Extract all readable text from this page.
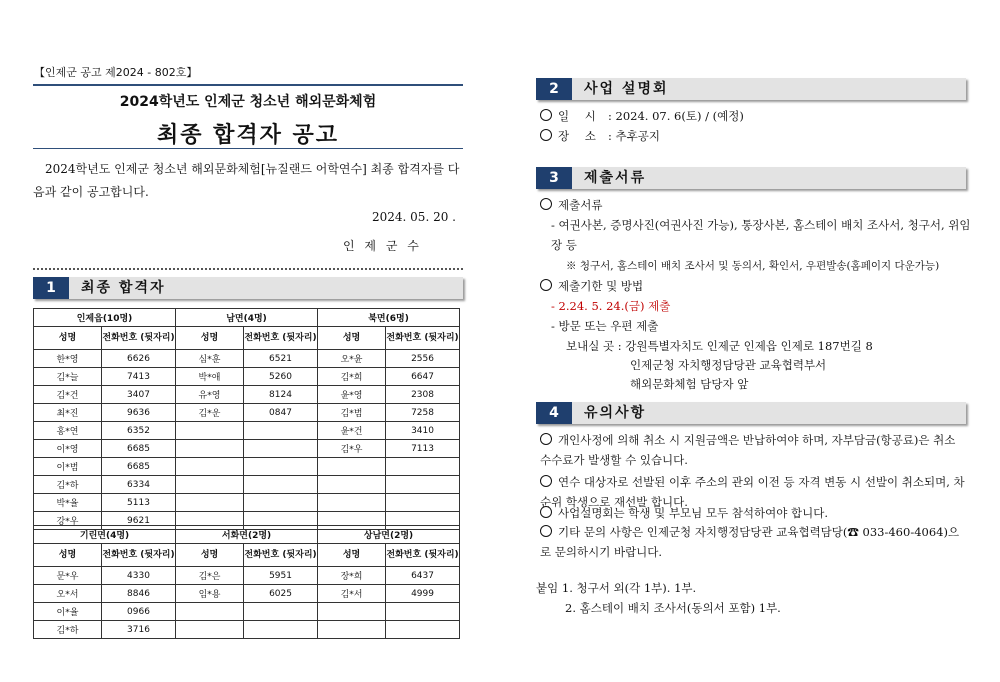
【인제군 공고 제2024 - 802호】
2024학년도 인제군 청소년 해외문화체험
최종 합격자 공고
2024학년도 인제군 청소년 해외문화체험[뉴질랜드 어학연수] 최종 합격자를 다음과 같이 공고합니다.
2024. 05. 20 .
인 제 군 수
1	최종 합격자
인제읍(10명)		남면(4명)		북면(6명)	
성명	전화번호 (뒷자리)	성명	전화번호 (뒷자리)	성명	전화번호 (뒷자리)
한*영	6626	심*훈	6521	오*윤	2556
김*늘	7413	박*애	5260	김*희	6647
김*건	3407	유*영	8124	윤*영	2308
최*진	9636	김*운	0847	김*범	7258
홍*연	6352			윤*건	3410
이*영	6685			김*우	7113
이*범	6685				
김*하	6334				
박*율	5113				
강*우	9621				
기린면(4명)		서화면(2명)		상남면(2명)	
성명	전화번호 (뒷자리)	성명	전화번호 (뒷자리)	성명	전화번호 (뒷자리)
문*우	4330	김*은	5951	장*희	6437
오*서	8846	임*용	6025	김*서	4999
이*율	0966				
김*하	3716				
2	사업 설명회
일 시 : 2024. 07. 6(토) / (예정)
장 소 : 추후공지
3	제출서류
제출서류
- 여권사본, 증명사진(여권사진 가능), 통장사본, 홈스테이 배치 조사서, 청구서, 위임장 등
※ 청구서, 홈스테이 배치 조사서 및 동의서, 확인서, 우편발송(홈페이지 다운가능)
제출기한 및 방법
- 2.24. 5. 24.(금) 제출
- 방문 또는 우편 제출
보내실 곳 : 강원특별자치도 인제군 인제읍 인제로 187번길 8
인제군청 자치행정담당관 교육협력부서
해외문화체험 담당자 앞
4	유의사항
개인사정에 의해 취소 시 지원금액은 반납하여야 하며, 자부담금(항공료)은 취소 수수료가 발생할 수 있습니다.
연수 대상자로 선발된 이후 주소의 관외 이전 등 자격 변동 시 선발이 취소되며, 차순위 학생으로 재선발 합니다.
사업설명회는 학생 및 부모님 모두 참석하여야 합니다.
기타 문의 사항은 인제군청 자치행정담당관 교육협력담당(☎ 033-460-4064)으로 문의하시기 바랍니다.
붙임 1. 청구서 외(각 1부). 1부.
2. 홈스테이 배치 조사서(동의서 포함) 1부.
